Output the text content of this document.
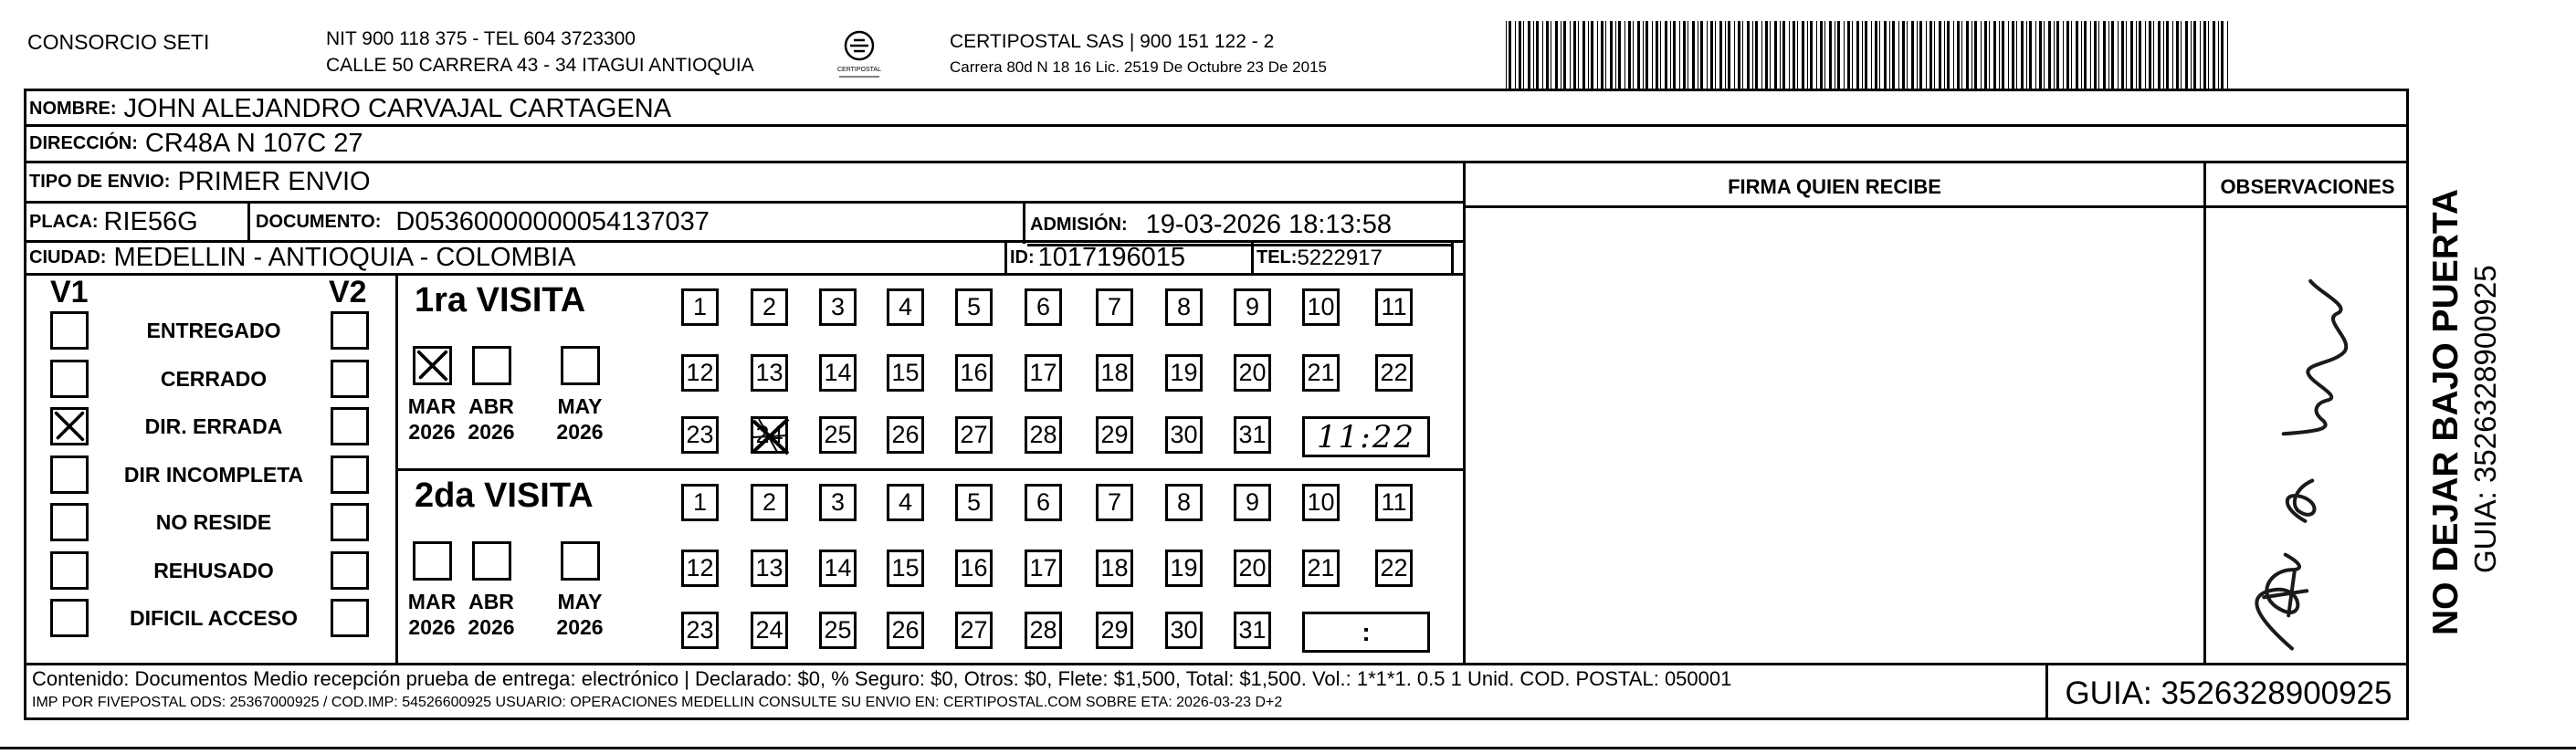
CONSORCIO SETI	NIT 900 118 375 - TEL 604 3723300
CALLE 50 CARRERA 43 - 34 ITAGUI ANTIOQUIA	CERTIPOSTAL
CERTIPOSTAL SAS | 900 151 122 - 2
Carrera 80d N 18 16 Lic. 2519 De Octubre 23 De 2015
NOMBRE: JOHN ALEJANDRO CARVAJAL CARTAGENA
DIRECCIÓN: CR48A N 107C 27
TIPO DE ENVIO: PRIMER ENVIO
PLACA: RIE56G	DOCUMENTO: D05360000000054137037	ADMISIÓN: 19-03-2026 18:13:58
CIUDAD: MEDELLIN - ANTIOQUIA - COLOMBIA	ID: 1017196015	TEL: 5222917
FIRMA QUIEN RECIBE	OBSERVACIONES
NO DEJAR BAJO PUERTA GUIA: 3526328900925
V1	V2
ENTREGADO
CERRADO
DIR. ERRADA
DIR INCOMPLETA
NO RESIDE
REHUSADO
DIFICIL ACCESO
1ra VISITA
MAR
2026
ABR
2026
MAY
2026
1 2 3 4 5 6 7 8 9 10 11
12 13 14 15 16 17 18 19 20 21 22
23 24 25 26 27 28 29 30 31 11:22
2da VISITA
MAR
2026
ABR
2026
MAY
2026
1 2 3 4 5 6 7 8 9 10 11
12 13 14 15 16 17 18 19 20 21 22
23 24 25 26 27 28 29 30 31	:
Contenido: Documentos Medio recepción prueba de entrega: electrónico | Declarado: $0, % Seguro: $0, Otros: $0, Flete: $1,500, Total: $1,500. Vol.: 1*1*1. 0.5 1 Unid. COD. POSTAL: 050001
IMP POR FIVEPOSTAL ODS: 25367000925 / COD.IMP: 54526600925 USUARIO: OPERACIONES MEDELLIN CONSULTE SU ENVIO EN: CERTIPOSTAL.COM SOBRE ETA: 2026-03-23 D+2	GUIA: 3526328900925
